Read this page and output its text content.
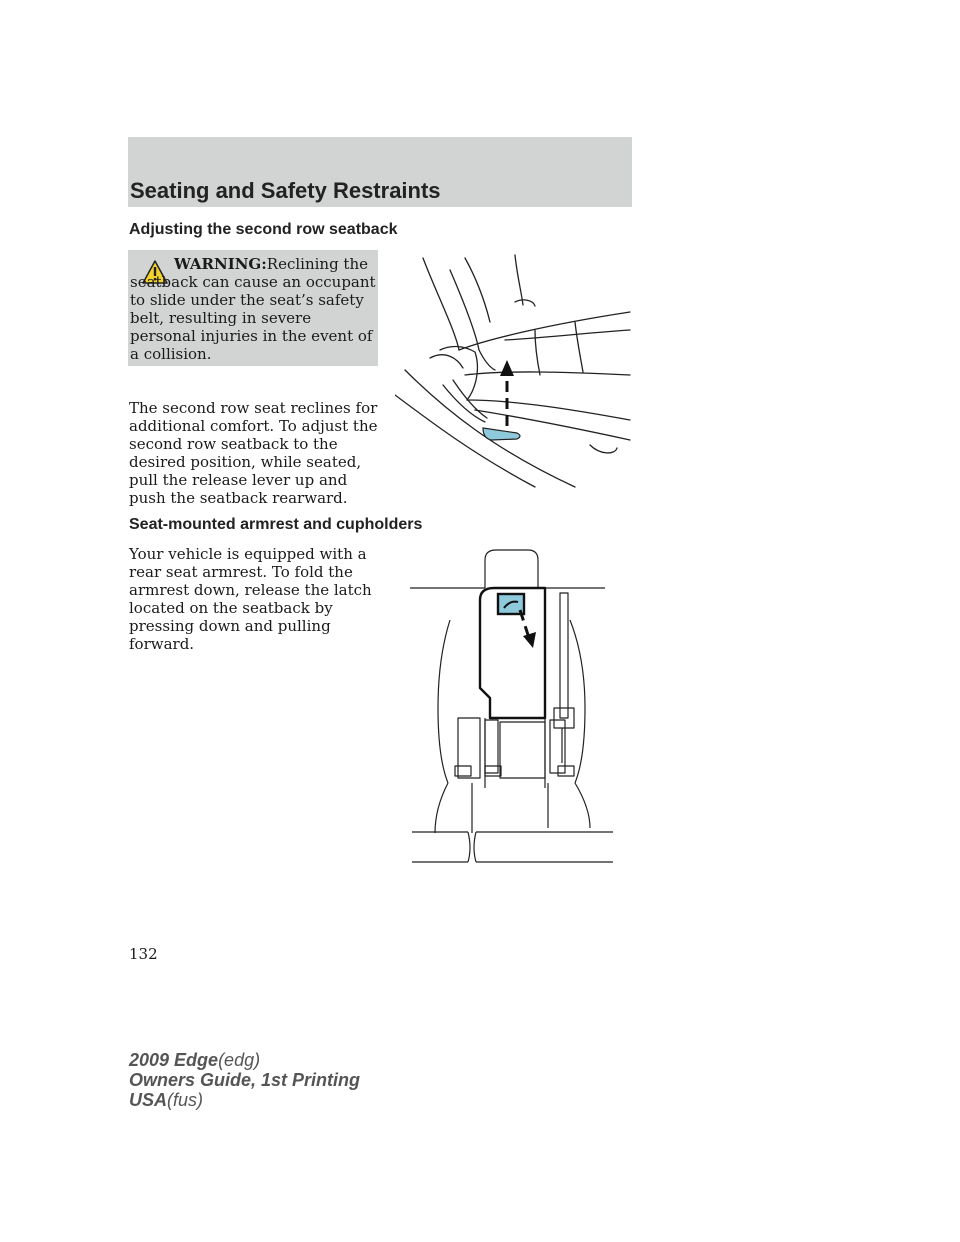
Seating and Safety Restraints
Adjusting the second row seatback
WARNING:Reclining the seatback can cause an occupant to slide under the seat’s safety belt, resulting in severe personal injuries in the event of a collision.
The second row seat reclines for additional comfort. To adjust the second row seatback to the desired position, while seated, pull the release lever up and push the seatback rearward.
Seat-mounted armrest and cupholders
Your vehicle is equipped with a rear seat armrest. To fold the armrest down, release the latch located on the seatback by pressing down and pulling forward.
132
2009 Edge(edg)
Owners Guide, 1st Printing
USA(fus)
